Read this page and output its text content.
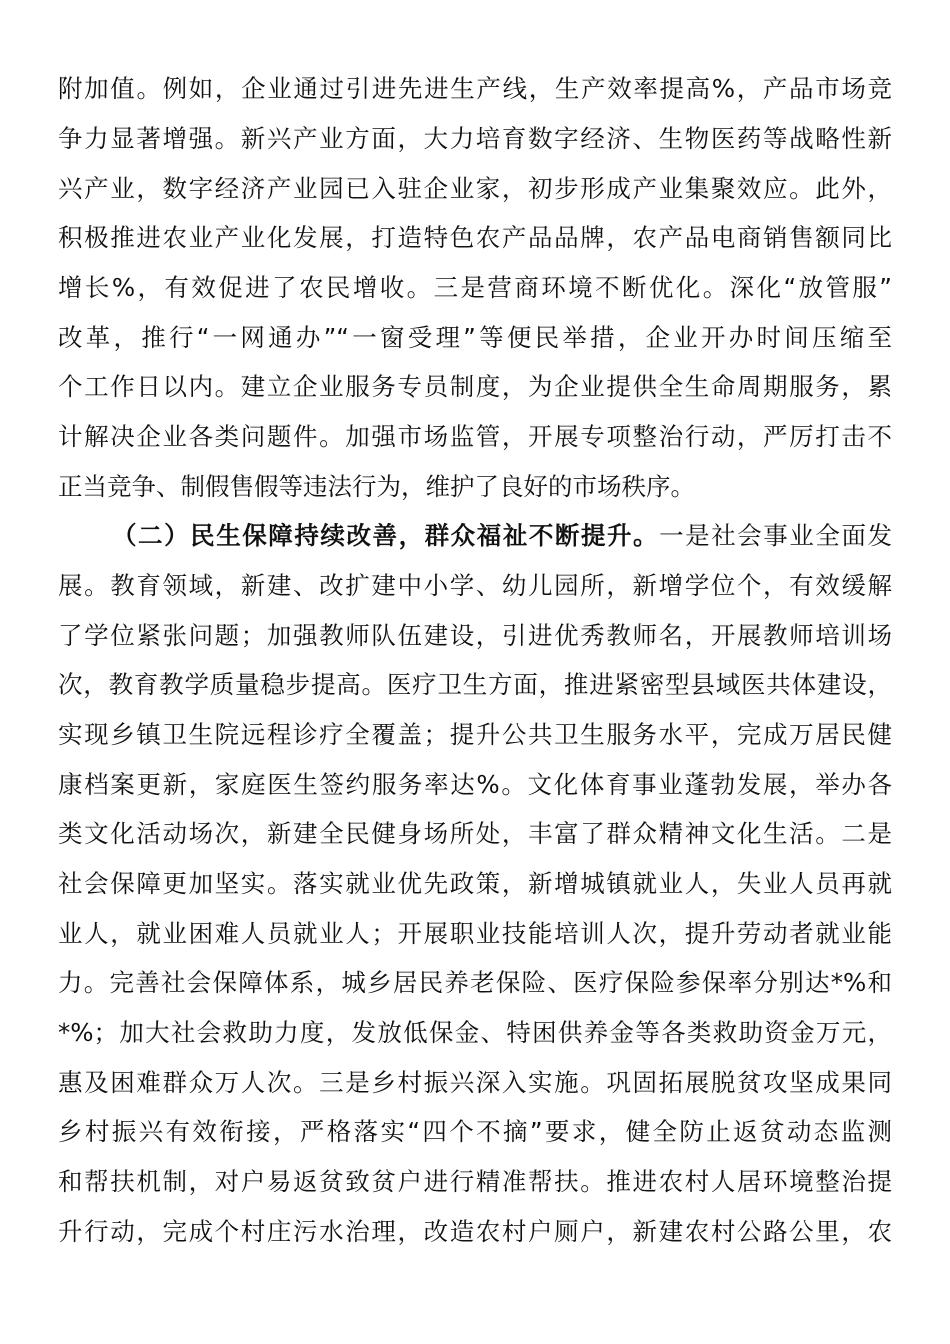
附加值。例如，企业通过引进先进生产线，生产效率提高%，产品市场竞
争力显著增强。新兴产业方面，大力培育数字经济、生物医药等战略性新
兴产业，数字经济产业园已入驻企业家，初步形成产业集聚效应。此外，
积极推进农业产业化发展，打造特色农产品品牌，农产品电商销售额同比
增长%，有效促进了农民增收。三是营商环境不断优化。深化“放管服”
改革，推行“一网通办”“一窗受理”等便民举措，企业开办时间压缩至
个工作日以内。建立企业服务专员制度，为企业提供全生命周期服务，累
计解决企业各类问题件。加强市场监管，开展专项整治行动，严厉打击不
正当竞争、制假售假等违法行为，维护了良好的市场秩序。
（二）民生保障持续改善，群众福祉不断提升。一是社会事业全面发
展。教育领域，新建、改扩建中小学、幼儿园所，新增学位个，有效缓解
了学位紧张问题；加强教师队伍建设，引进优秀教师名，开展教师培训场
次，教育教学质量稳步提高。医疗卫生方面，推进紧密型县域医共体建设，
实现乡镇卫生院远程诊疗全覆盖；提升公共卫生服务水平，完成万居民健
康档案更新，家庭医生签约服务率达%。文化体育事业蓬勃发展，举办各
类文化活动场次，新建全民健身场所处，丰富了群众精神文化生活。二是
社会保障更加坚实。落实就业优先政策，新增城镇就业人，失业人员再就
业人，就业困难人员就业人；开展职业技能培训人次，提升劳动者就业能
力。完善社会保障体系，城乡居民养老保险、医疗保险参保率分别达*%和
*%；加大社会救助力度，发放低保金、特困供养金等各类救助资金万元，
惠及困难群众万人次。三是乡村振兴深入实施。巩固拓展脱贫攻坚成果同
乡村振兴有效衔接，严格落实“四个不摘”要求，健全防止返贫动态监测
和帮扶机制，对户易返贫致贫户进行精准帮扶。推进农村人居环境整治提
升行动，完成个村庄污水治理，改造农村户厕户，新建农村公路公里，农
